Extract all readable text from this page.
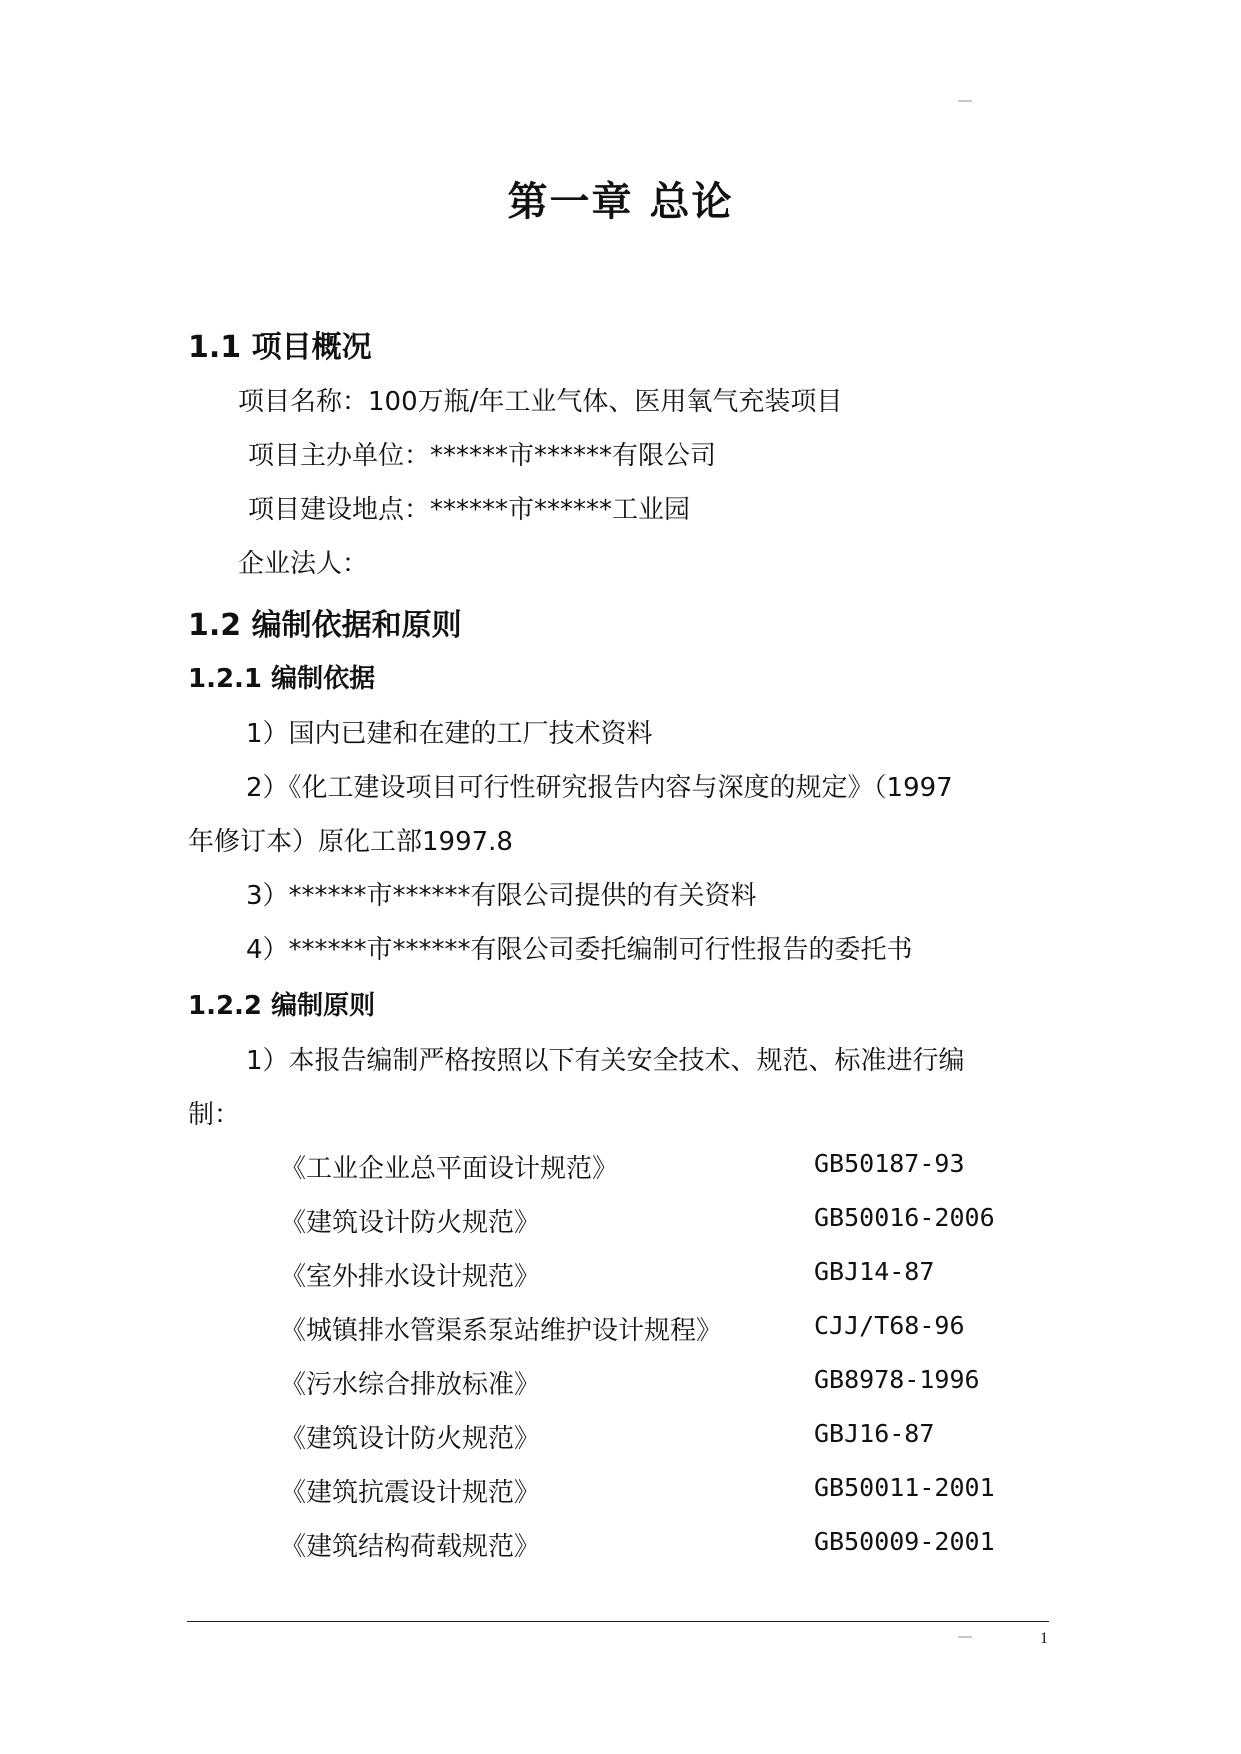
第一章 总论
1.1 项目概况
项目名称：100万瓶/年工业气体、医用氧气充装项目
项目主办单位：******市******有限公司
项目建设地点：******市******工业园
企业法人：
1.2 编制依据和原则
1.2.1 编制依据
1）国内已建和在建的工厂技术资料
2）《化工建设项目可行性研究报告内容与深度的规定》（1997
年修订本）原化工部1997.8
3）******市******有限公司提供的有关资料
4）******市******有限公司委托编制可行性报告的委托书
1.2.2 编制原则
1）本报告编制严格按照以下有关安全技术、规范、标准进行编
制：
《工业企业总平面设计规范》	GB50187-93
《建筑设计防火规范》	GB50016-2006
《室外排水设计规范》	GBJ14-87
《城镇排水管渠系泵站维护设计规程》	CJJ/T68-96
《污水综合排放标准》	GB8978-1996
《建筑设计防火规范》	GBJ16-87
《建筑抗震设计规范》	GB50011-2001
《建筑结构荷载规范》	GB50009-2001
1
